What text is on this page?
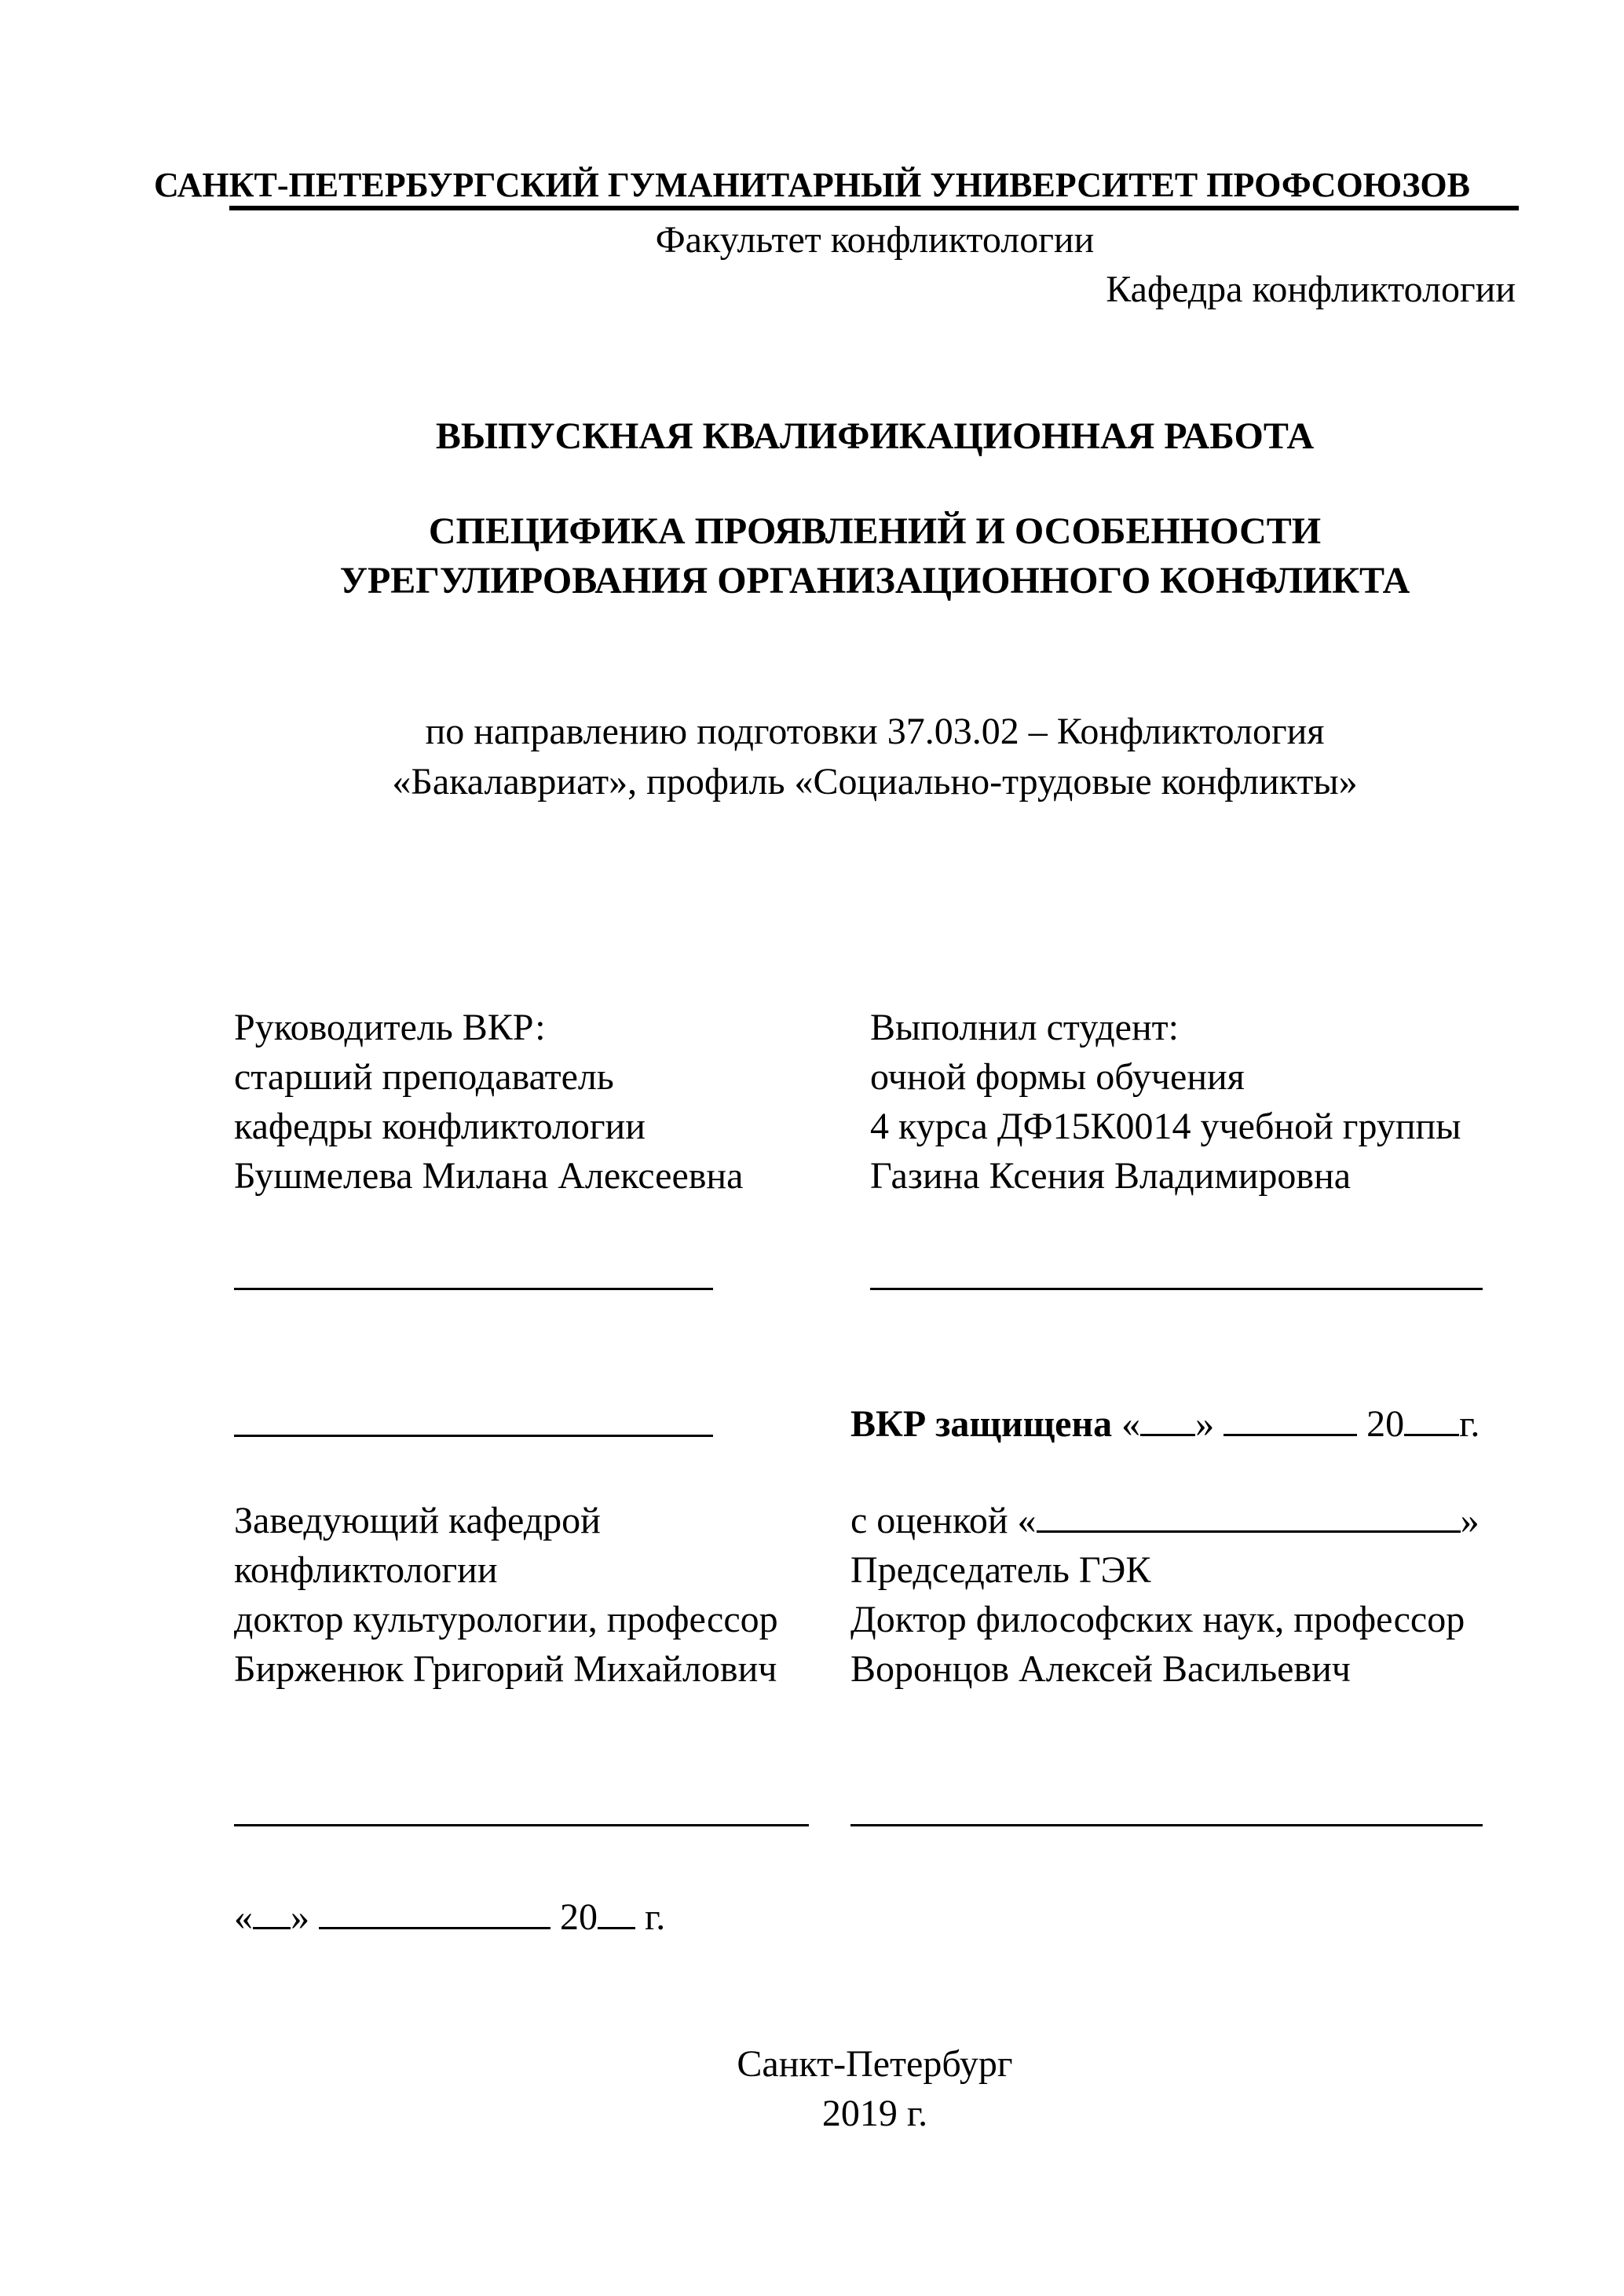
САНКТ-ПЕТЕРБУРГСКИЙ ГУМАНИТАРНЫЙ УНИВЕРСИТЕТ ПРОФСОЮЗОВ
Факультет конфликтологии
Кафедра конфликтологии
ВЫПУСКНАЯ КВАЛИФИКАЦИОННАЯ РАБОТА
СПЕЦИФИКА ПРОЯВЛЕНИЙ И ОСОБЕННОСТИ
УРЕГУЛИРОВАНИЯ ОРГАНИЗАЦИОННОГО КОНФЛИКТА
по направлению подготовки 37.03.02 – Конфликтология
«Бакалавриат», профиль «Социально-трудовые конфликты»
Руководитель ВКР:
старший преподаватель
кафедры конфликтологии
Бушмелева Милана Алексеевна
Выполнил студент:
очной формы обучения
4 курса ДФ15К0014 учебной группы
Газина Ксения Владимировна
ВКР защищена « »	20 г.
Заведующий кафедрой
конфликтологии
доктор культурологии, профессор
Бирженюк Григорий Михайлович
с оценкой «	»
Председатель ГЭК
Доктор философских наук, профессор
Воронцов Алексей Васильевич
« »	20 г.
Санкт-Петербург
2019 г.
